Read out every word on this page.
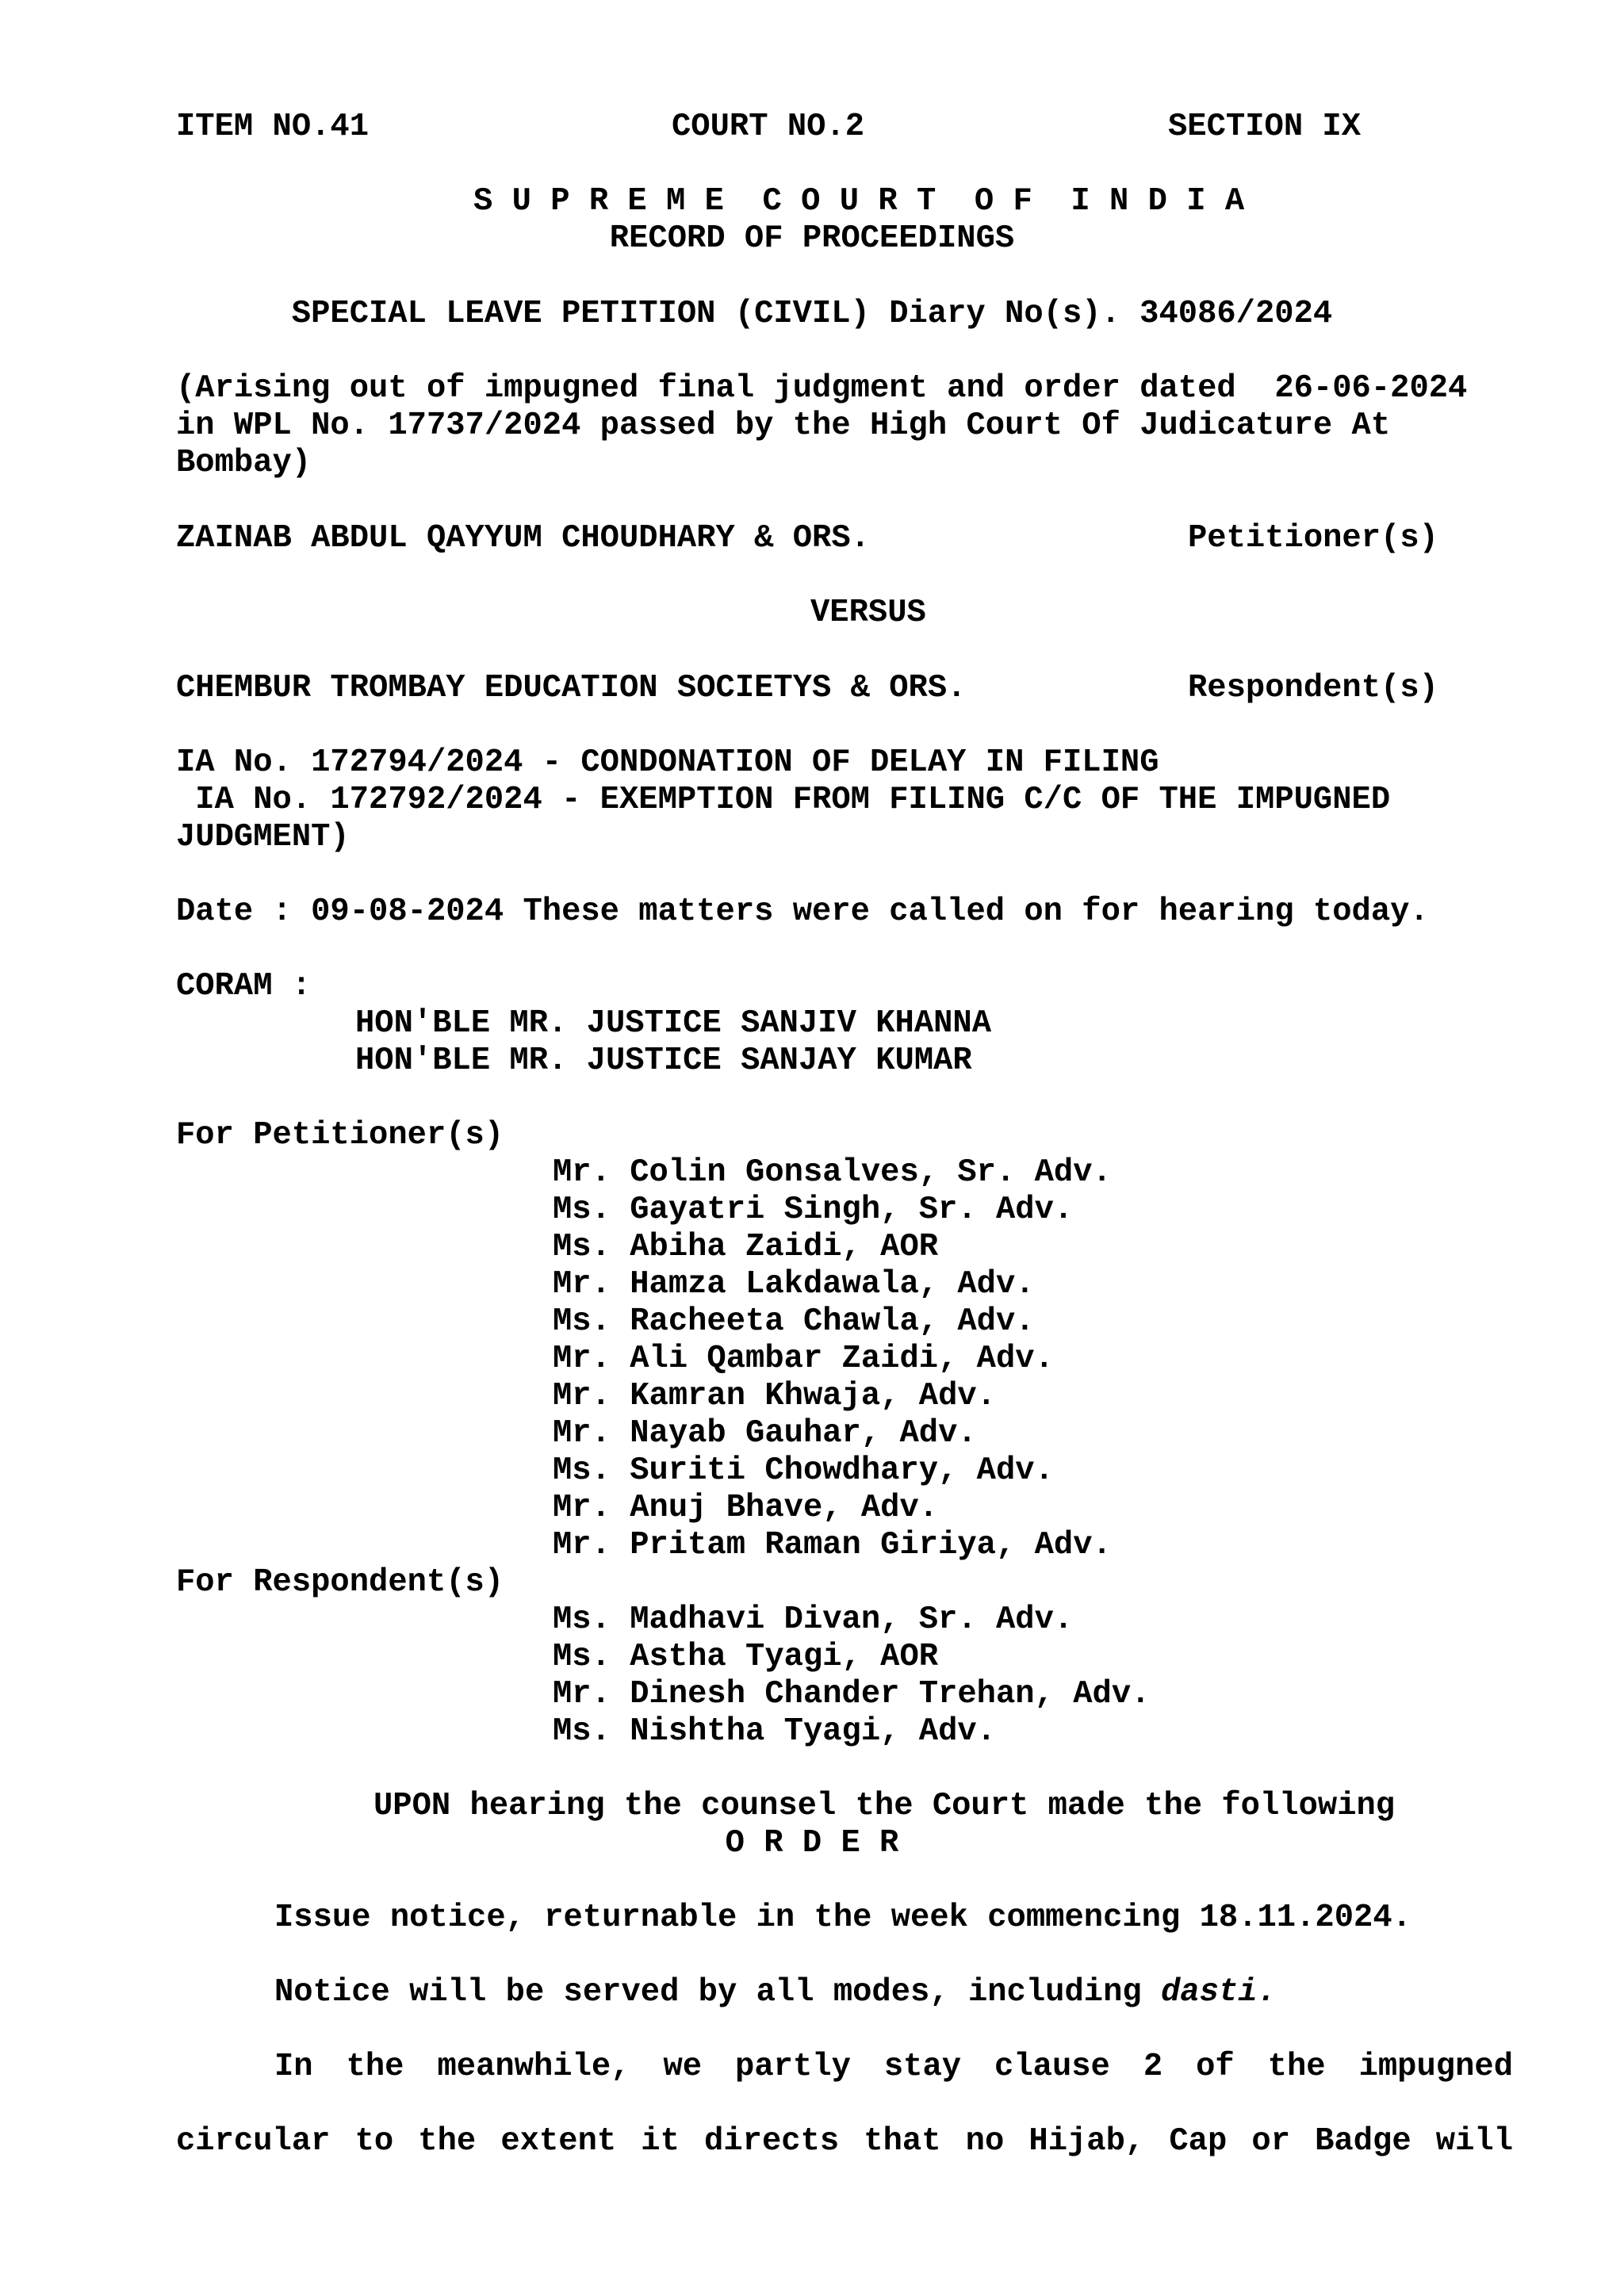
ITEM NO.41	COURT NO.2	SECTION IX
S U P R E M E  C O U R T  O F  I N D I A
RECORD OF PROCEEDINGS
SPECIAL LEAVE PETITION (CIVIL) Diary No(s). 34086/2024
(Arising out of impugned final judgment and order dated  26-06-2024
in WPL No. 17737/2024 passed by the High Court Of Judicature At
Bombay)
ZAINAB ABDUL QAYYUM CHOUDHARY & ORS.	Petitioner(s)
VERSUS
CHEMBUR TROMBAY EDUCATION SOCIETYS & ORS.	Respondent(s)
IA No. 172794/2024 - CONDONATION OF DELAY IN FILING
IA No. 172792/2024 - EXEMPTION FROM FILING C/C OF THE IMPUGNED
JUDGMENT)
Date : 09-08-2024 These matters were called on for hearing today.
CORAM :
HON'BLE MR. JUSTICE SANJIV KHANNA
HON'BLE MR. JUSTICE SANJAY KUMAR
For Petitioner(s)
Mr. Colin Gonsalves, Sr. Adv.
Ms. Gayatri Singh, Sr. Adv.
Ms. Abiha Zaidi, AOR
Mr. Hamza Lakdawala, Adv.
Ms. Racheeta Chawla, Adv.
Mr. Ali Qambar Zaidi, Adv.
Mr. Kamran Khwaja, Adv.
Mr. Nayab Gauhar, Adv.
Ms. Suriti Chowdhary, Adv.
Mr. Anuj Bhave, Adv.
Mr. Pritam Raman Giriya, Adv.
For Respondent(s)
Ms. Madhavi Divan, Sr. Adv.
Ms. Astha Tyagi, AOR
Mr. Dinesh Chander Trehan, Adv.
Ms. Nishtha Tyagi, Adv.
UPON hearing the counsel the Court made the following
O R D E R
Issue notice, returnable in the week commencing 18.11.2024.
Notice will be served by all modes, including dasti.
In the meanwhile, we partly stay clause 2 of the impugned
circular to the extent it directs that no Hijab, Cap or Badge will
